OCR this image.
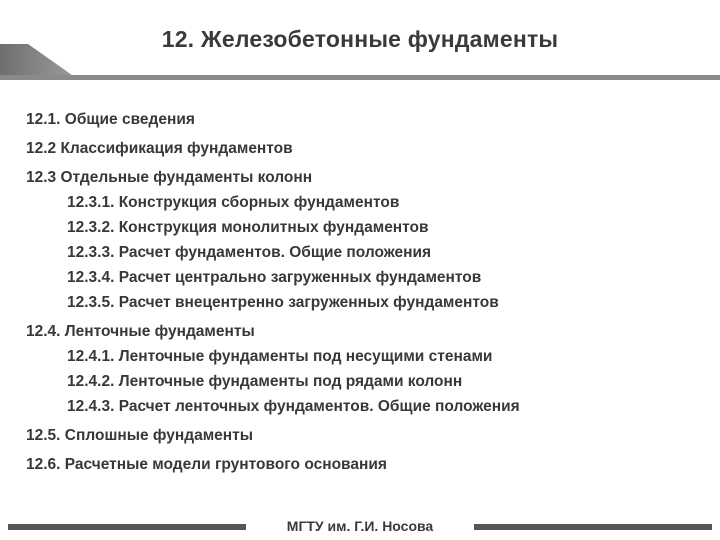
12. Железобетонные фундаменты
12.1. Общие сведения
12.2 Классификация фундаментов
12.3 Отдельные фундаменты колонн
12.3.1. Конструкция сборных фундаментов
12.3.2. Конструкция монолитных фундаментов
12.3.3. Расчет фундаментов. Общие положения
12.3.4. Расчет центрально загруженных фундаментов
12.3.5. Расчет внецентренно загруженных фундаментов
12.4. Ленточные фундаменты
12.4.1. Ленточные фундаменты под несущими стенами
12.4.2. Ленточные фундаменты под рядами колонн
12.4.3. Расчет ленточных фундаментов. Общие положения
12.5. Сплошные фундаменты
12.6. Расчетные модели грунтового основания
МГТУ им. Г.И. Носова
